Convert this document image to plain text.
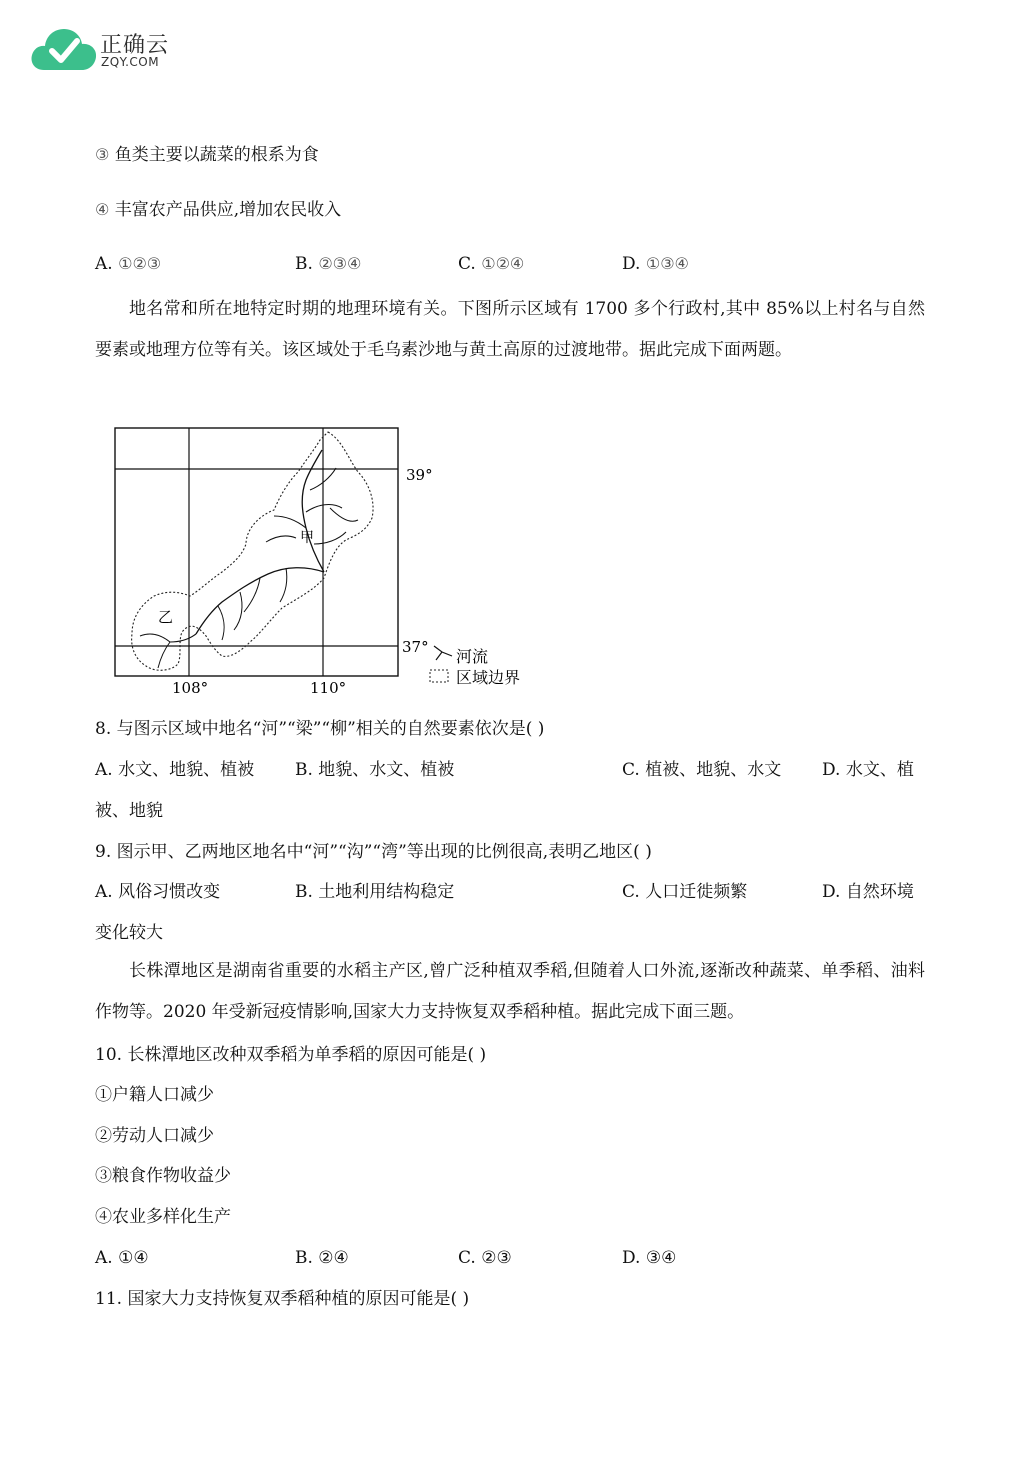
正确云
ZQY.COM
③ 鱼类主要以蔬菜的根系为食
④ 丰富农产品供应,增加农民收入
A. ①②③	B. ②③④	C. ①②④	D. ①③④
地名常和所在地特定时期的地理环境有关。下图所示区域有 1700 多个行政村,其中 85%以上村名与自然要素或地理方位等有关。该区域处于毛乌素沙地与黄土高原的过渡地带。据此完成下面两题。
甲
乙
39°
37°
108°	110°
河流
区域边界
8. 与图示区域中地名“河”“梁”“柳”相关的自然要素依次是( )
A. 水文、地貌、植被 B. 地貌、水文、植被	C. 植被、地貌、水文 D. 水文、植
被、地貌
9. 图示甲、乙两地区地名中“河”“沟”“湾”等出现的比例很高,表明乙地区( )
A. 风俗习惯改变	B. 土地利用结构稳定	C. 人口迁徙频繁	D. 自然环境
变化较大
长株潭地区是湖南省重要的水稻主产区,曾广泛种植双季稻,但随着人口外流,逐渐改种蔬菜、单季稻、油料作物等。2020 年受新冠疫情影响,国家大力支持恢复双季稻种植。据此完成下面三题。
10. 长株潭地区改种双季稻为单季稻的原因可能是( )
①户籍人口减少
②劳动人口减少
③粮食作物收益少
④农业多样化生产
A. ①④	B. ②④	C. ②③	D. ③④
11. 国家大力支持恢复双季稻种植的原因可能是( )
